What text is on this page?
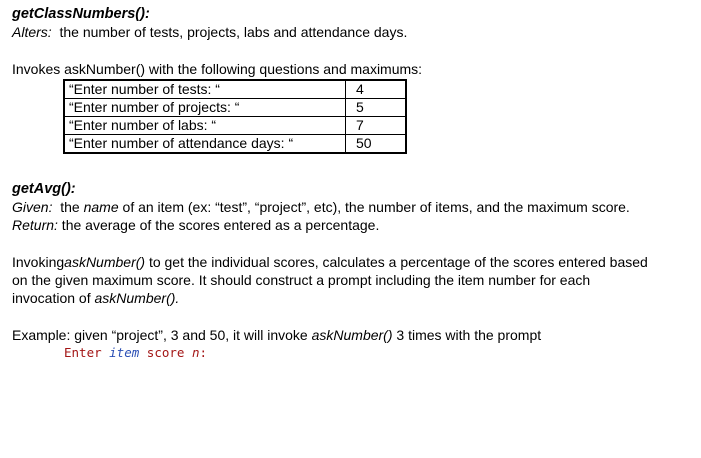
getClassNumbers():
Alters:  the number of tests, projects, labs and attendance days.
Invokes askNumber() with the following questions and maximums:
“Enter number of tests: “	4
“Enter number of projects: “	5
“Enter number of labs: “	7
“Enter number of attendance days: “	50
getAvg():
Given:  the name of an item (ex: “test”, “project”, etc), the number of items, and the maximum score.
Return: the average of the scores entered as a percentage.
InvokingaskNumber() to get the individual scores, calculates a percentage of the scores entered based
on the given maximum score. It should construct a prompt including the item number for each
invocation of askNumber().
Example: given “project”, 3 and 50, it will invoke askNumber() 3 times with the prompt
Enter item score n:
